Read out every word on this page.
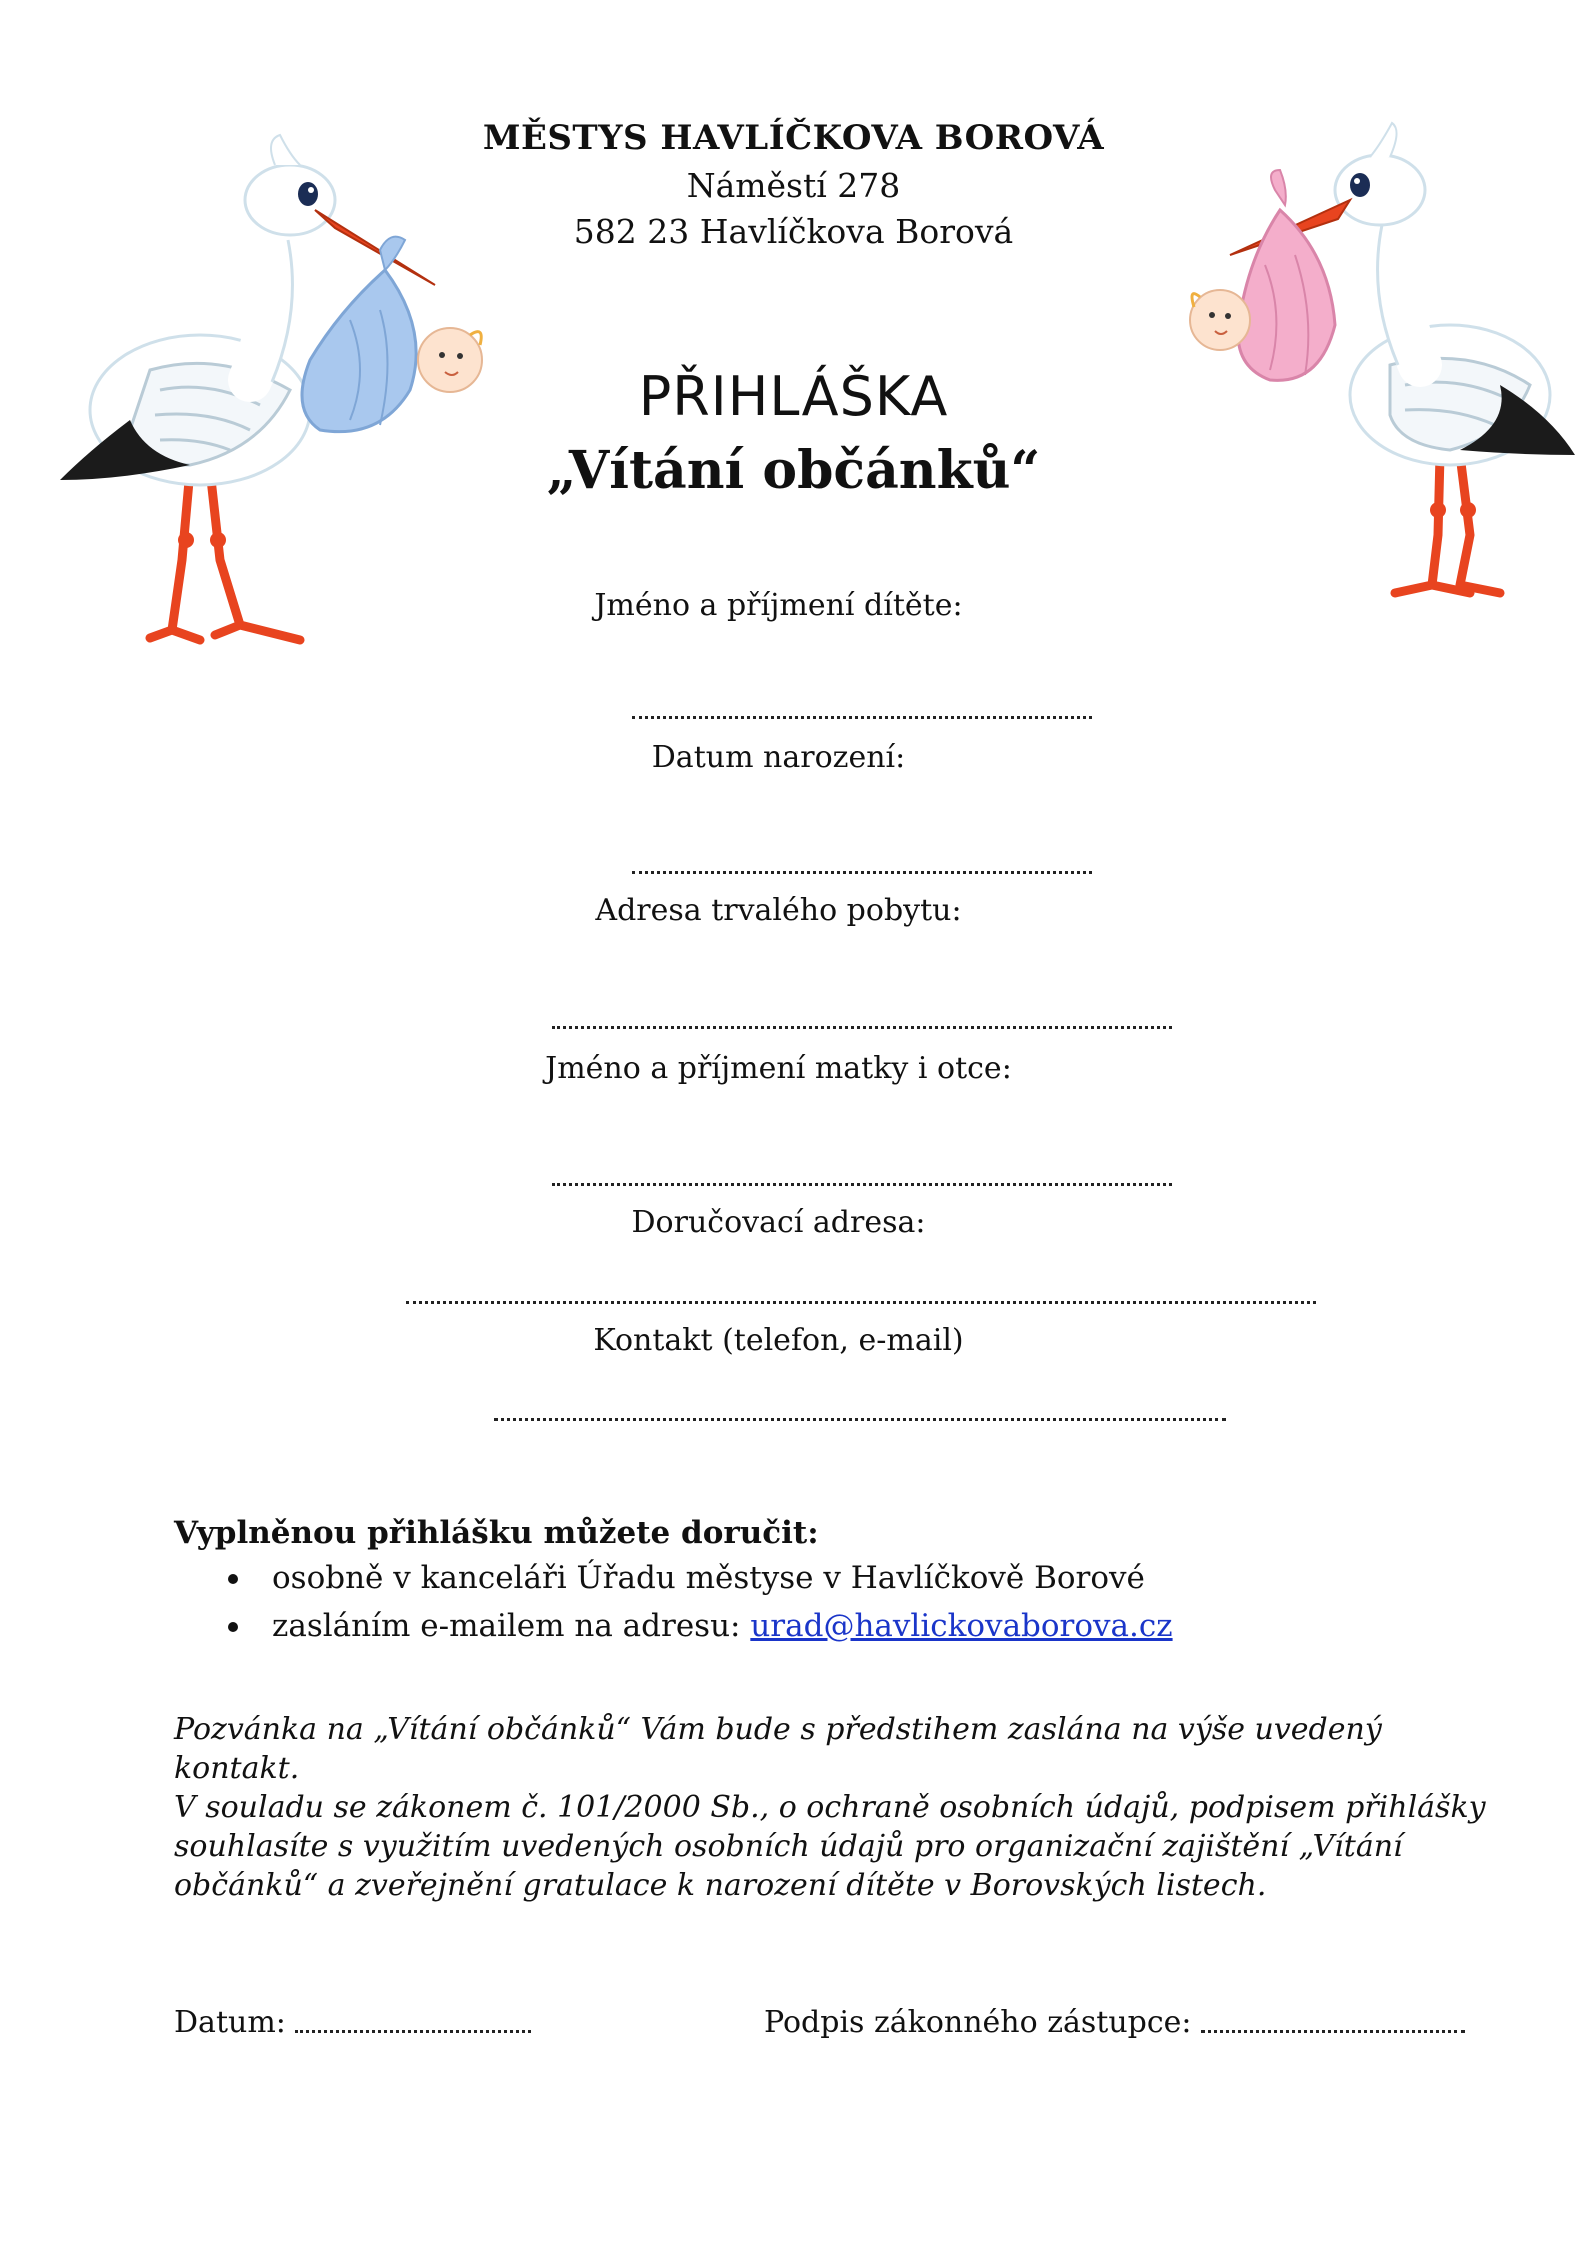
MĚSTYS HAVLÍČKOVA BOROVÁ
Náměstí 278
582 23 Havlíčkova Borová
PŘIHLÁŠKA
„Vítání občánků“
Jméno a příjmení dítěte:
Datum narození:
Adresa trvalého pobytu:
Jméno a příjmení matky i otce:
Doručovací adresa:
Kontakt (telefon, e-mail)
Vyplněnou přihlášku můžete doručit:
osobně v kanceláři Úřadu městyse v Havlíčkově Borové
zasláním e-mailem na adresu: urad@havlickovaborova.cz

Pozvánka na „Vítání občánků“ Vám bude s předstihem zaslána na výše uvedený kontakt.

V souladu se zákonem č. 101/2000 Sb., o ochraně osobních údajů, podpisem přihlášky souhlasíte s využitím uvedených osobních údajů pro organizační zajištění „Vítání občánků“ a zveřejnění gratulace k narození dítěte v Borovských listech.

Datum:	Podpis zákonného zástupce:
